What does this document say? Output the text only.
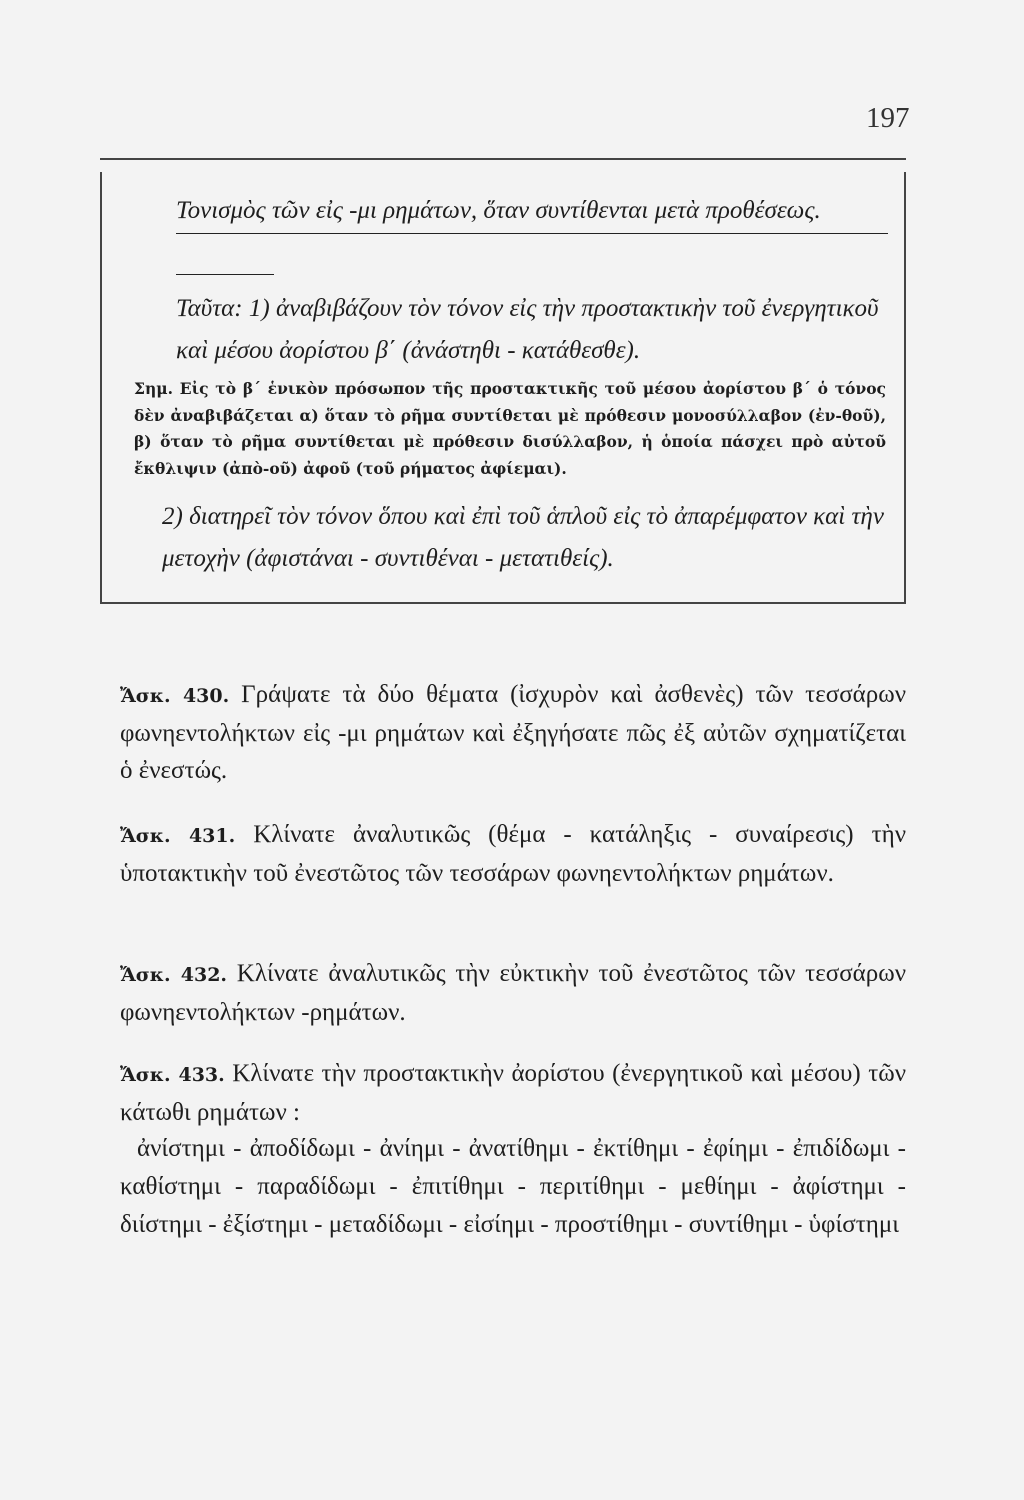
197
Τονισμὸς τῶν εἰς -μι ρημάτων, ὅταν συντίθενται μετὰ προθέσεως.

Ταῦτα: 1) ἀναβιβάζουν τὸν τόνον εἰς τὴν προστακτικὴν τοῦ ἐνεργητικοῦ καὶ μέσου ἀορίστου β΄ (ἀνάστηθι - κατάθεσθε).

Σημ. Εἰς τὸ β΄ ἑνικὸν πρόσωπον τῆς προστακτικῆς τοῦ μέσου ἀορίστου β΄ ὁ τόνος δὲν ἀναβιβάζεται α) ὅταν τὸ ρῆμα συντίθεται μὲ πρόθεσιν μονοσύλλαβον (ἐν-θοῦ), β) ὅταν τὸ ρῆμα συντίθεται μὲ πρόθεσιν δισύλλαβον, ἡ ὁποία πάσχει πρὸ αὐτοῦ ἔκθλιψιν (ἀπὸ-οῦ) ἀφοῦ (τοῦ ρήματος ἀφίεμαι).

2) διατηρεῖ τὸν τόνον ὅπου καὶ ἐπὶ τοῦ ἁπλοῦ εἰς τὸ ἀπαρέμφατον καὶ τὴν μετοχὴν (ἀφιστάναι - συντιθέναι - μετατιθείς).

Ἄσκ. 430. Γράψατε τὰ δύο θέματα (ἰσχυρὸν καὶ ἀσθενὲς) τῶν τεσσάρων φωνηεντολήκτων εἰς -μι ρημάτων καὶ ἐξηγήσατε πῶς ἐξ αὐτῶν σχηματίζεται ὁ ἐνεστώς.

Ἄσκ. 431. Κλίνατε ἀναλυτικῶς (θέμα - κατάληξις - συναίρεσις) τὴν ὑποτακτικὴν τοῦ ἐνεστῶτος τῶν τεσσάρων φωνηεντολήκτων ρημάτων.

Ἄσκ. 432. Κλίνατε ἀναλυτικῶς τὴν εὐκτικὴν τοῦ ἐνεστῶτος τῶν τεσσάρων φωνηεντολήκτων -ρημάτων.

Ἄσκ. 433. Κλίνατε τὴν προστακτικὴν ἀορίστου (ἐνεργητικοῦ καὶ μέσου) τῶν κάτωθι ρημάτων :

ἀνίστημι - ἀποδίδωμι - ἀνίημι - ἀνατίθημι - ἐκτίθημι - ἐφίημι - ἐπιδίδωμι - καθίστημι - παραδίδωμι - ἐπιτίθημι - περιτίθημι - μεθίημι - ἀφίστημι - διίστημι - ἐξίστημι - μεταδίδωμι - εἰσίημι - προστίθημι - συντίθημι - ὑφίστημι
